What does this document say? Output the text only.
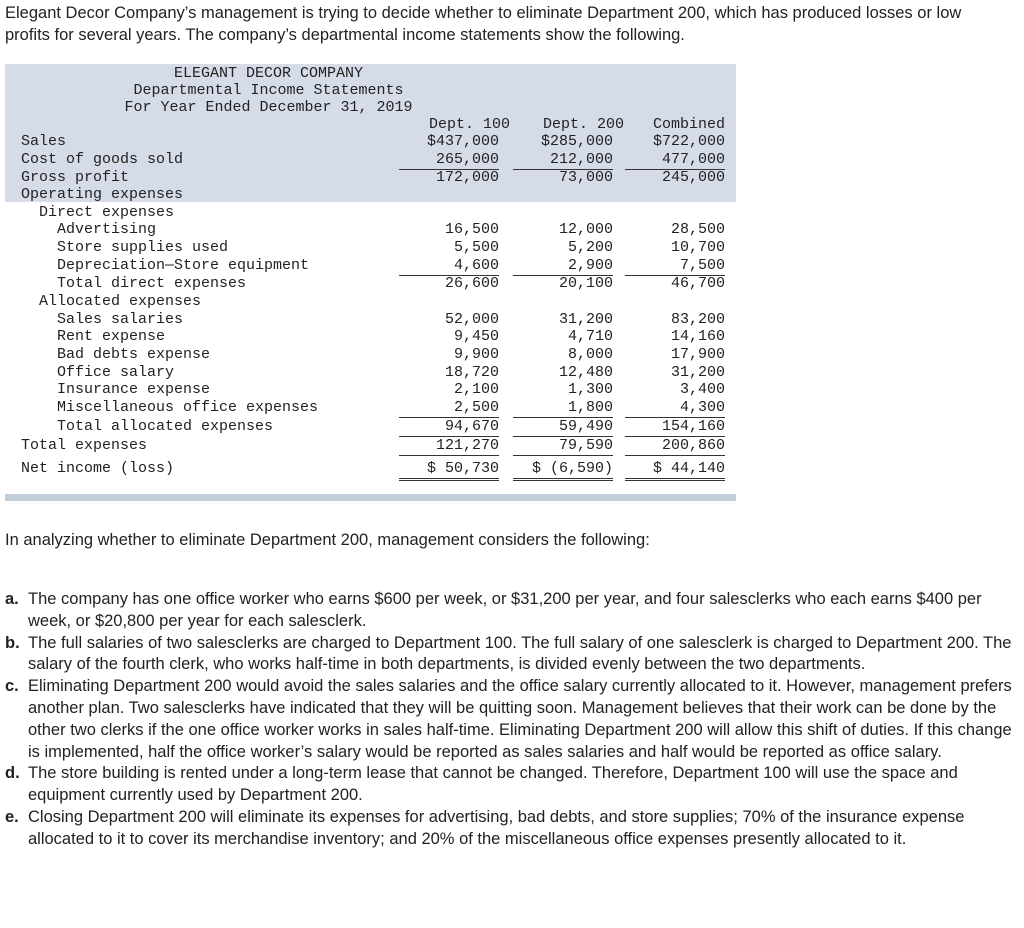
Elegant Decor Company’s management is trying to decide whether to eliminate Department 200, which has produced losses or low profits for several years. The company’s departmental income statements show the following.
ELEGANT DECOR COMPANY
Departmental Income Statements
For Year Ended December 31, 2019
Dept. 100	Dept. 200	Combined
Sales	$437,000	$285,000	$722,000
Cost of goods sold	265,000	212,000	477,000
Gross profit	172,000	73,000	245,000
Operating expenses
Direct expenses
Advertising	16,500	12,000	28,500
Store supplies used	5,500	5,200	10,700
Depreciation—Store equipment	4,600	2,900	7,500
Total direct expenses	26,600	20,100	46,700
Allocated expenses
Sales salaries	52,000	31,200	83,200
Rent expense	9,450	4,710	14,160
Bad debts expense	9,900	8,000	17,900
Office salary	18,720	12,480	31,200
Insurance expense	2,100	1,300	3,400
Miscellaneous office expenses	2,500	1,800	4,300
Total allocated expenses	94,670	59,490	154,160
Total expenses	121,270	79,590	200,860
Net income (loss)	$ 50,730	$ (6,590)	$ 44,140
In analyzing whether to eliminate Department 200, management considers the following:
a. The company has one office worker who earns $600 per week, or $31,200 per year, and four salesclerks who each earns $400 per week, or $20,800 per year for each salesclerk.
b. The full salaries of two salesclerks are charged to Department 100. The full salary of one salesclerk is charged to Department 200. The salary of the fourth clerk, who works half-time in both departments, is divided evenly between the two departments.
c. Eliminating Department 200 would avoid the sales salaries and the office salary currently allocated to it. However, management prefers another plan. Two salesclerks have indicated that they will be quitting soon. Management believes that their work can be done by the other two clerks if the one office worker works in sales half-time. Eliminating Department 200 will allow this shift of duties. If this change is implemented, half the office worker’s salary would be reported as sales salaries and half would be reported as office salary.
d. The store building is rented under a long-term lease that cannot be changed. Therefore, Department 100 will use the space and equipment currently used by Department 200.
e. Closing Department 200 will eliminate its expenses for advertising, bad debts, and store supplies; 70% of the insurance expense allocated to it to cover its merchandise inventory; and 20% of the miscellaneous office expenses presently allocated to it.
